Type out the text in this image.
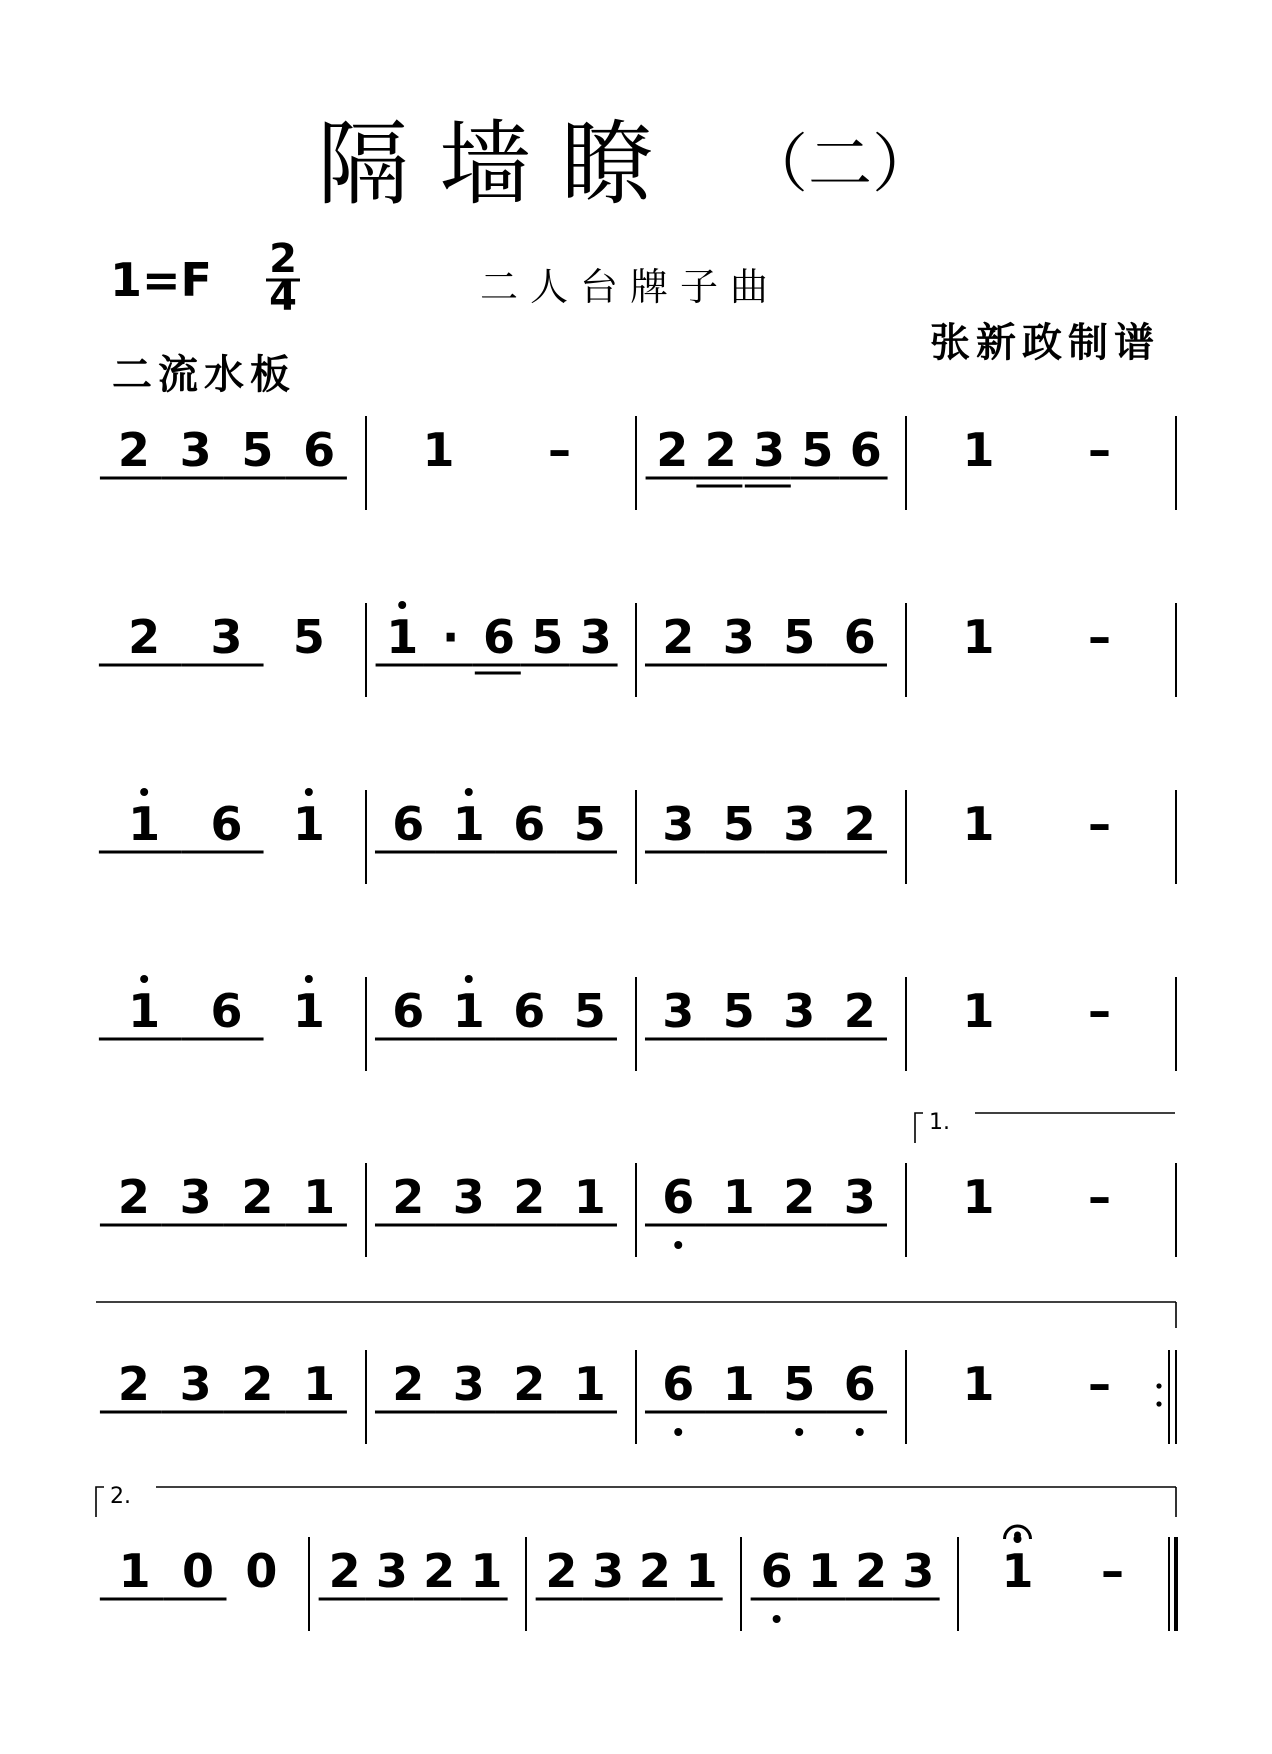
隔墙瞭 （二）
1=F 2
4	二人台牌子曲
张新政制谱
二流水板
2 3 5 6 1 – 2 2 3 5 6 1 –
2 3 5 1 · 6 5 3 2 3 5 6 1 –
1 6 1 6 1 6 5 3 5 3 2 1 –
1 6 1 6 1 6 5 3 5 3 2 1 –
1.
2 3 2 1 2 3 2 1 6 1 2 3 1 –
2 3 2 1 2 3 2 1 6 1 5 6 1 –
2.
1 0 0 2 3 2 1 2 3 2 1 6 1 2 3 1 –
